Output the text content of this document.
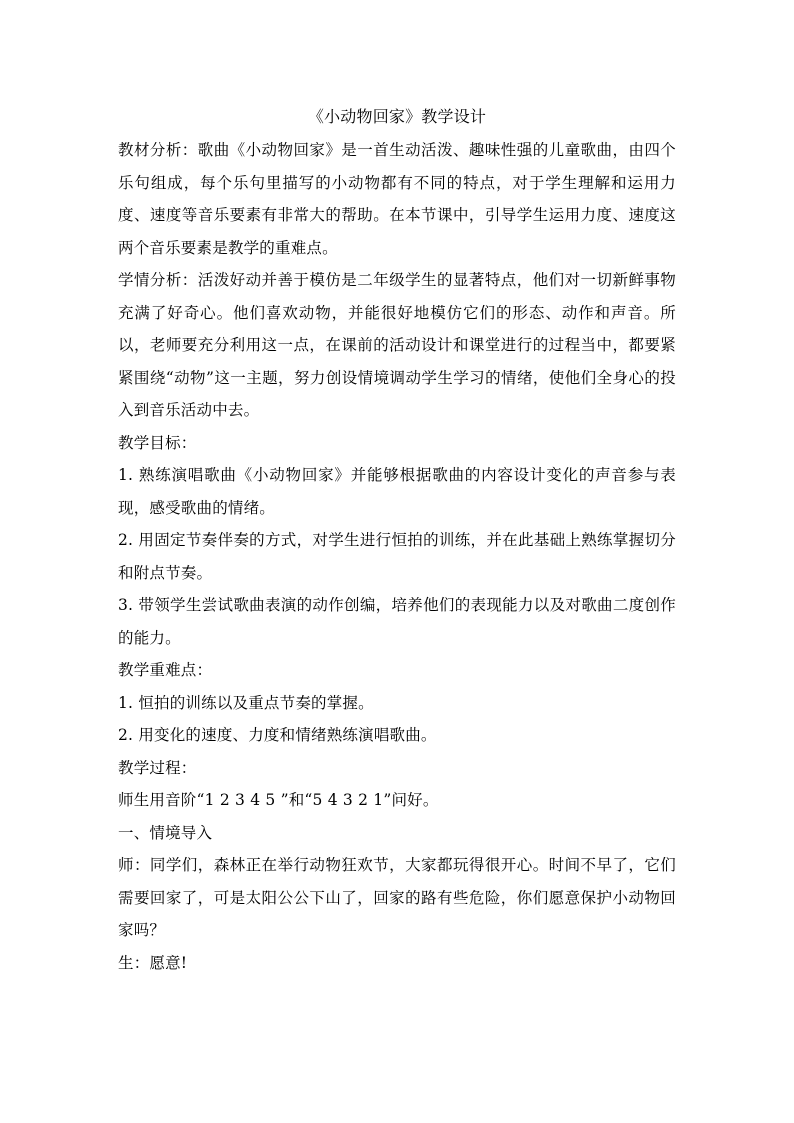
《小动物回家》教学设计

教材分析：歌曲《小动物回家》是一首生动活泼、趣味性强的儿童歌曲，由四个乐句组成，每个乐句里描写的小动物都有不同的特点，对于学生理解和运用力度、速度等音乐要素有非常大的帮助。在本节课中，引导学生运用力度、速度这两个音乐要素是教学的重难点。

学情分析：活泼好动并善于模仿是二年级学生的显著特点，他们对一切新鲜事物充满了好奇心。他们喜欢动物，并能很好地模仿它们的形态、动作和声音。所以，老师要充分利用这一点，在课前的活动设计和课堂进行的过程当中，都要紧紧围绕“动物”这一主题，努力创设情境调动学生学习的情绪，使他们全身心的投入到音乐活动中去。

教学目标：

1. 熟练演唱歌曲《小动物回家》并能够根据歌曲的内容设计变化的声音参与表现，感受歌曲的情绪。

2. 用固定节奏伴奏的方式，对学生进行恒拍的训练，并在此基础上熟练掌握切分和附点节奏。

3. 带领学生尝试歌曲表演的动作创编，培养他们的表现能力以及对歌曲二度创作的能力。

教学重难点：

1. 恒拍的训练以及重点节奏的掌握。

2. 用变化的速度、力度和情绪熟练演唱歌曲。

教学过程：

师生用音阶“1 2 3 4 5 ”和“5 4 3 2 1”问好。

一、情境导入

师：同学们，森林正在举行动物狂欢节，大家都玩得很开心。时间不早了，它们需要回家了，可是太阳公公下山了，回家的路有些危险，你们愿意保护小动物回家吗？

生：愿意!
